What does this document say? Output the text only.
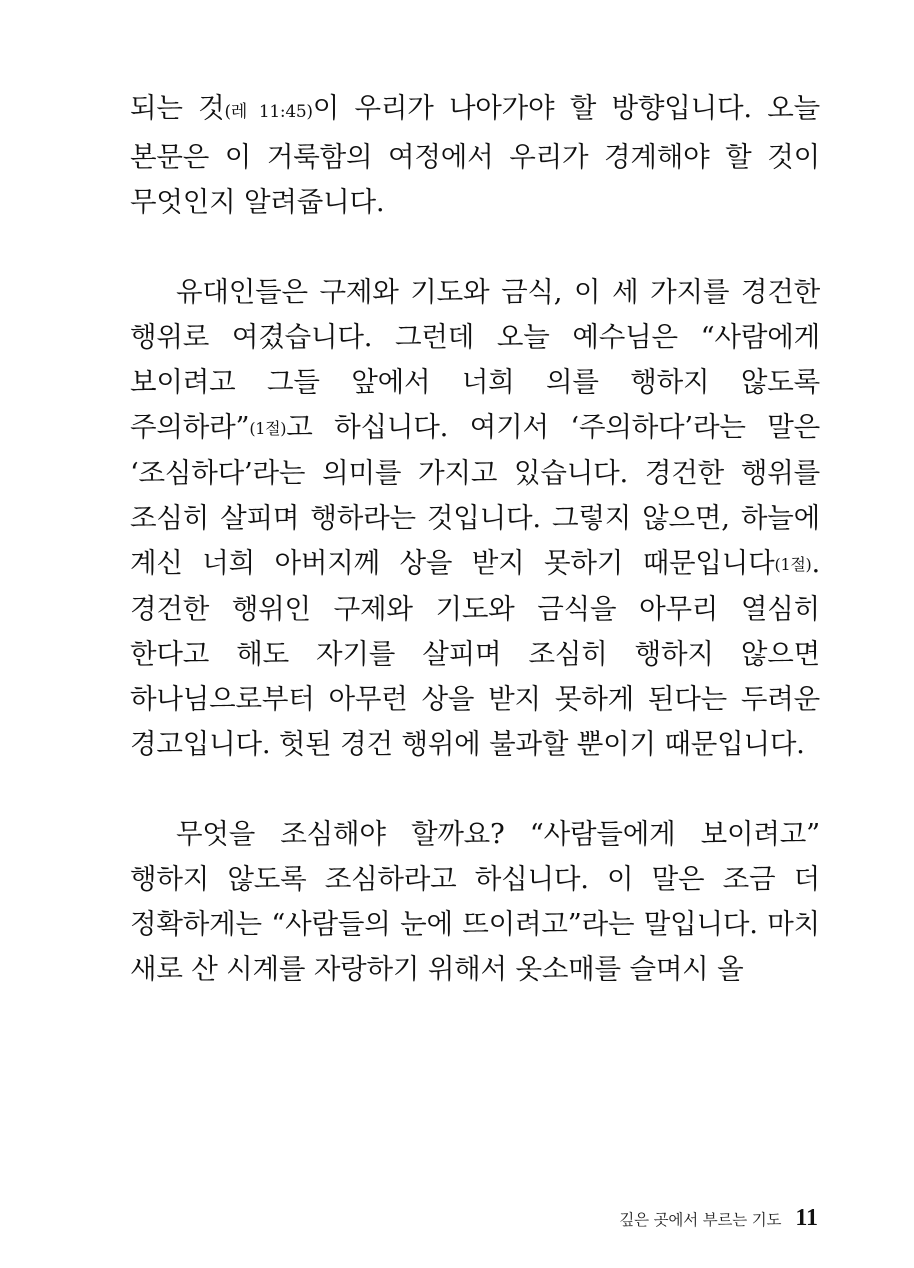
되는 것(레 11:45)이 우리가 나아가야 할 방향입니다. 오늘 본문은 이 거룩함의 여정에서 우리가 경계해야 할 것이 무엇인지 알려줍니다.

유대인들은 구제와 기도와 금식, 이 세 가지를 경건한 행위로 여겼습니다. 그런데 오늘 예수님은 “사람에게 보이려고 그들 앞에서 너희 의를 행하지 않도록 주의하라”(1절)고 하십니다. 여기서 ‘주의하다’라는 말은 ‘조심하다’라는 의미를 가지고 있습니다. 경건한 행위를 조심히 살피며 행하라는 것입니다. 그렇지 않으면, 하늘에 계신 너희 아버지께 상을 받지 못하기 때문입니다(1절). 경건한 행위인 구제와 기도와 금식을 아무리 열심히 한다고 해도 자기를 살피며 조심히 행하지 않으면 하나님으로부터 아무런 상을 받지 못하게 된다는 두려운 경고입니다. 헛된 경건 행위에 불과할 뿐이기 때문입니다.

무엇을 조심해야 할까요? “사람들에게 보이려고” 행하지 않도록 조심하라고 하십니다. 이 말은 조금 더 정확하게는 “사람들의 눈에 뜨이려고”라는 말입니다. 마치 새로 산 시계를 자랑하기 위해서 옷소매를 슬며시 올

깊은 곳에서 부르는 기도 11
